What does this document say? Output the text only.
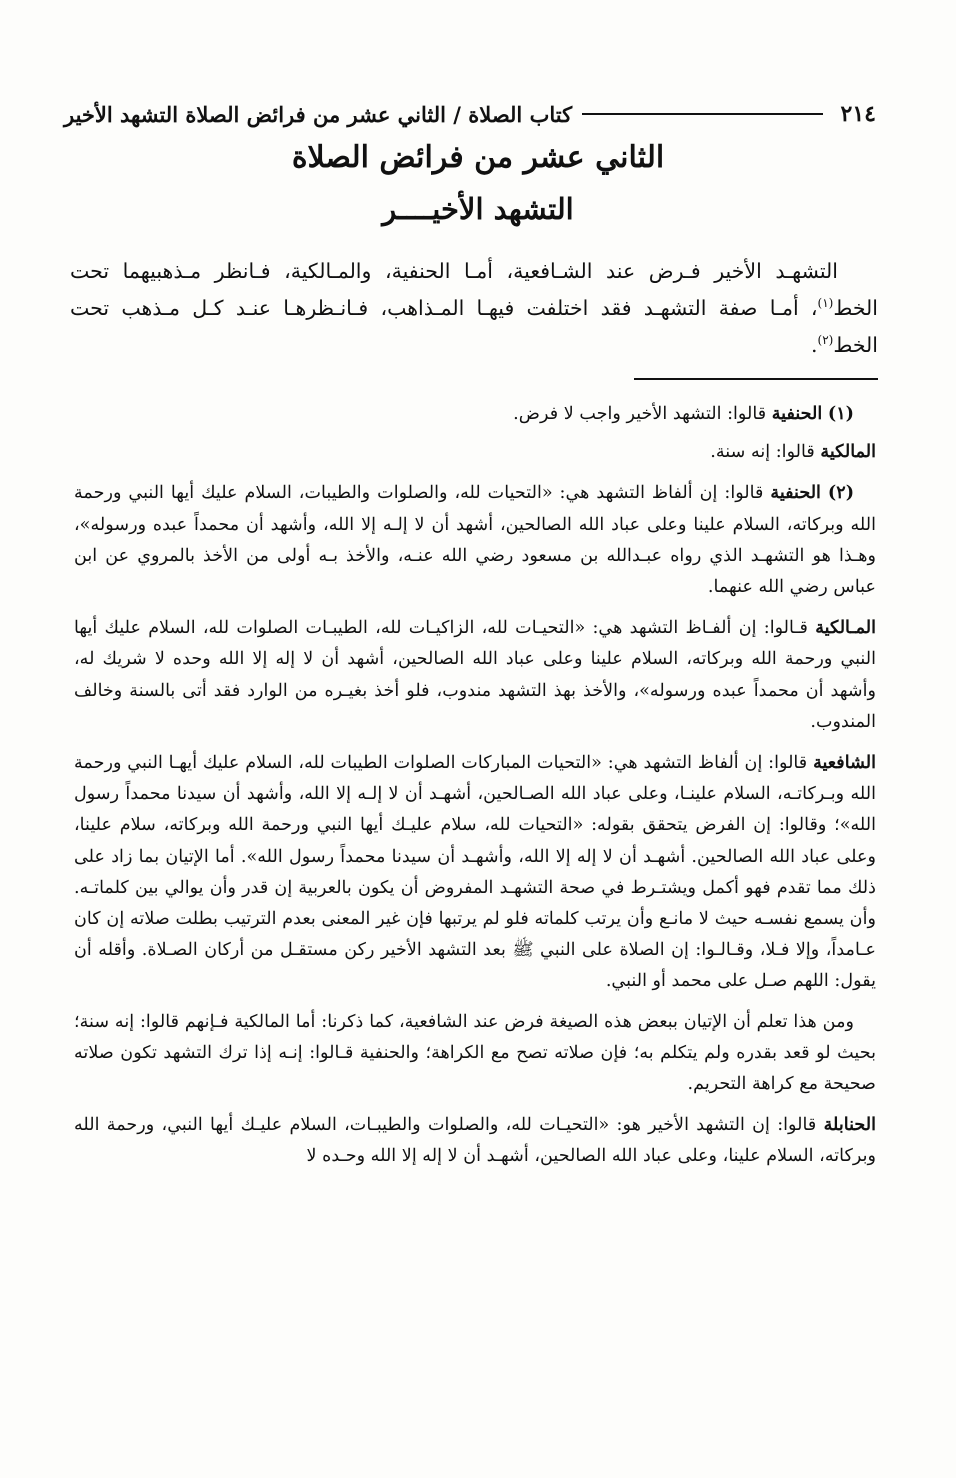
٢١٤
كتاب الصلاة / الثاني عشر من فرائض الصلاة التشهد الأخير
الثاني عشر من فرائض الصلاة
التشهد الأخيــــر
التشهـد الأخير فـرض عند الشـافعية، أمـا الحنفية، والمـالكية، فـانظر مـذهبيهما تحت الخط$^{(١)}$، أمـا صفة التشهـد فقد اختلفت فيهـا المـذاهب، فـانـظرهـا عنـد كـل مـذهب تحت الخط$^{(٢)}$.

(١) الحنفية قالوا: التشهد الأخير واجب لا فرض.

المالكية قالوا: إنه سنة.

(٢) الحنفية قالوا: إن ألفاظ التشهد هي: «التحيات لله، والصلوات والطيبات، السلام عليك أيها النبي ورحمة الله وبركاته، السلام علينا وعلى عباد الله الصالحين، أشهد أن لا إلـه إلا الله، وأشهد أن محمداً عبده ورسوله»، وهـذا هو التشهـد الذي رواه عبـدالله بن مسعود رضي الله عنـه، والأخذ بـه أولى من الأخذ بالمروي عن ابن عباس رضي الله عنهما.

المـالكية قـالوا: إن ألفـاظ التشهد هي: «التحيـات لله، الزاكيـات لله، الطيبـات الصلوات لله، السلام عليك أيها النبي ورحمة الله وبركاته، السلام علينا وعلى عباد الله الصالحين، أشهد أن لا إله إلا الله وحده لا شريك له، وأشهد أن محمداً عبده ورسوله»، والأخذ بهذ التشهد مندوب، فلو أخذ بغيـره من الوارد فقد أتى بالسنة وخالف المندوب.

الشافعية قالوا: إن ألفاظ التشهد هي: «التحيات المباركات الصلوات الطيبات لله، السلام عليك أيهـا النبي ورحمة الله وبـركاتـه، السلام علينـا، وعلى عباد الله الصـالحين، أشهـد أن لا إلـه إلا الله، وأشهد أن سيدنا محمداً رسول الله»؛ وقالوا: إن الفرض يتحقق بقوله: «التحيات لله، سلام عليـك أيها النبي ورحمة الله وبركاته، سلام علينا، وعلى عباد الله الصالحين. أشهـد أن لا إله إلا الله، وأشهـد أن سيدنا محمداً رسول الله». أما الإتيان بما زاد على ذلك مما تقدم فهو أكمل ويشتـرط في صحة التشهـد المفروض أن يكون بالعربية إن قدر وأن يوالي بين كلماتـه. وأن يسمع نفسـه حيث لا مانـع وأن يرتب كلماته فلو لم يرتبها فإن غير المعنى بعدم الترتيب بطلت صلاته إن كان عـامداً، وإلا فـلا، وقـالـوا: إن الصلاة على النبي ﷺ بعد التشهد الأخير ركن مستقـل من أركان الصـلاة. وأقله أن يقول: اللهم صـل على محمد أو النبي.

ومن هذا تعلم أن الإتيان ببعض هذه الصيغة فرض عند الشافعية، كما ذكرنا: أما المالكية فـإنهم قالوا: إنه سنة؛ بحيث لو قعد بقدره ولم يتكلم به؛ فإن صلاته تصح مع الكراهة؛ والحنفية قـالوا: إنـه إذا ترك التشهد تكون صلاته صحيحة مع كراهة التحريم.

الحنابلة قالوا: إن التشهد الأخير هو: «التحيـات لله، والصلوات والطيبـات، السلام عليـك أيها النبي، ورحمة الله وبركاته، السلام علينا، وعلى عباد الله الصالحين، أشهـد أن لا إله إلا الله وحـده لا
